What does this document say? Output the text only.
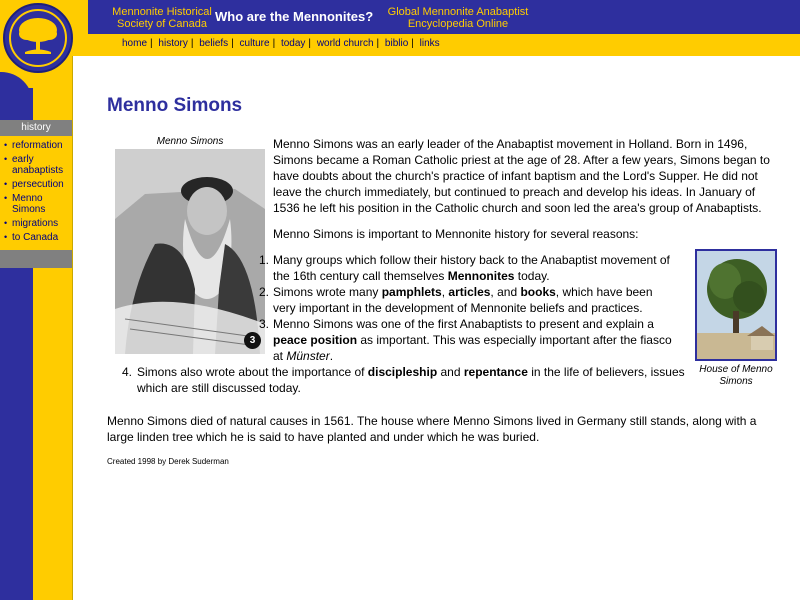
Mennonite Historical
Society of Canada Who are the Mennonites?	Global Mennonite Anabaptist
Encyclopedia Online
home | history | beliefs | culture | today | world church | biblio | links
history
• reformation
• early
anabaptists
• persecution
• Menno
Simons
• migrations
• to Canada
Menno Simons
Menno Simons
3

Menno Simons was an early leader of the Anabaptist movement in Holland. Born in 1496, Simons became a Roman Catholic priest at the age of 28. After a few years, Simons began to have doubts about the church's practice of infant baptism and the Lord's Supper. He did not leave the church immediately, but continued to preach and develop his ideas. In January of 1536 he left his position in the Catholic church and soon led the area's group of Anabaptists.

Menno Simons is important to Mennonite history for several reasons:

1. Many groups which follow their history back to the Anabaptist movement of the 16th century call themselves Mennonites today.
2. Simons wrote many pamphlets, articles, and books, which have been very important in the development of Mennonite beliefs and practices.
3. Menno Simons was one of the first Anabaptists to present and explain a peace position as important. This was especially important after the fiasco at Münster.
4. Simons also wrote about the importance of discipleship and repentance in the life of believers, issues which are still discussed today.
House of Menno Simons

Menno Simons died of natural causes in 1561. The house where Menno Simons lived in Germany still stands, along with a large linden tree which he is said to have planted and under which he was buried.

Created 1998 by Derek Suderman
